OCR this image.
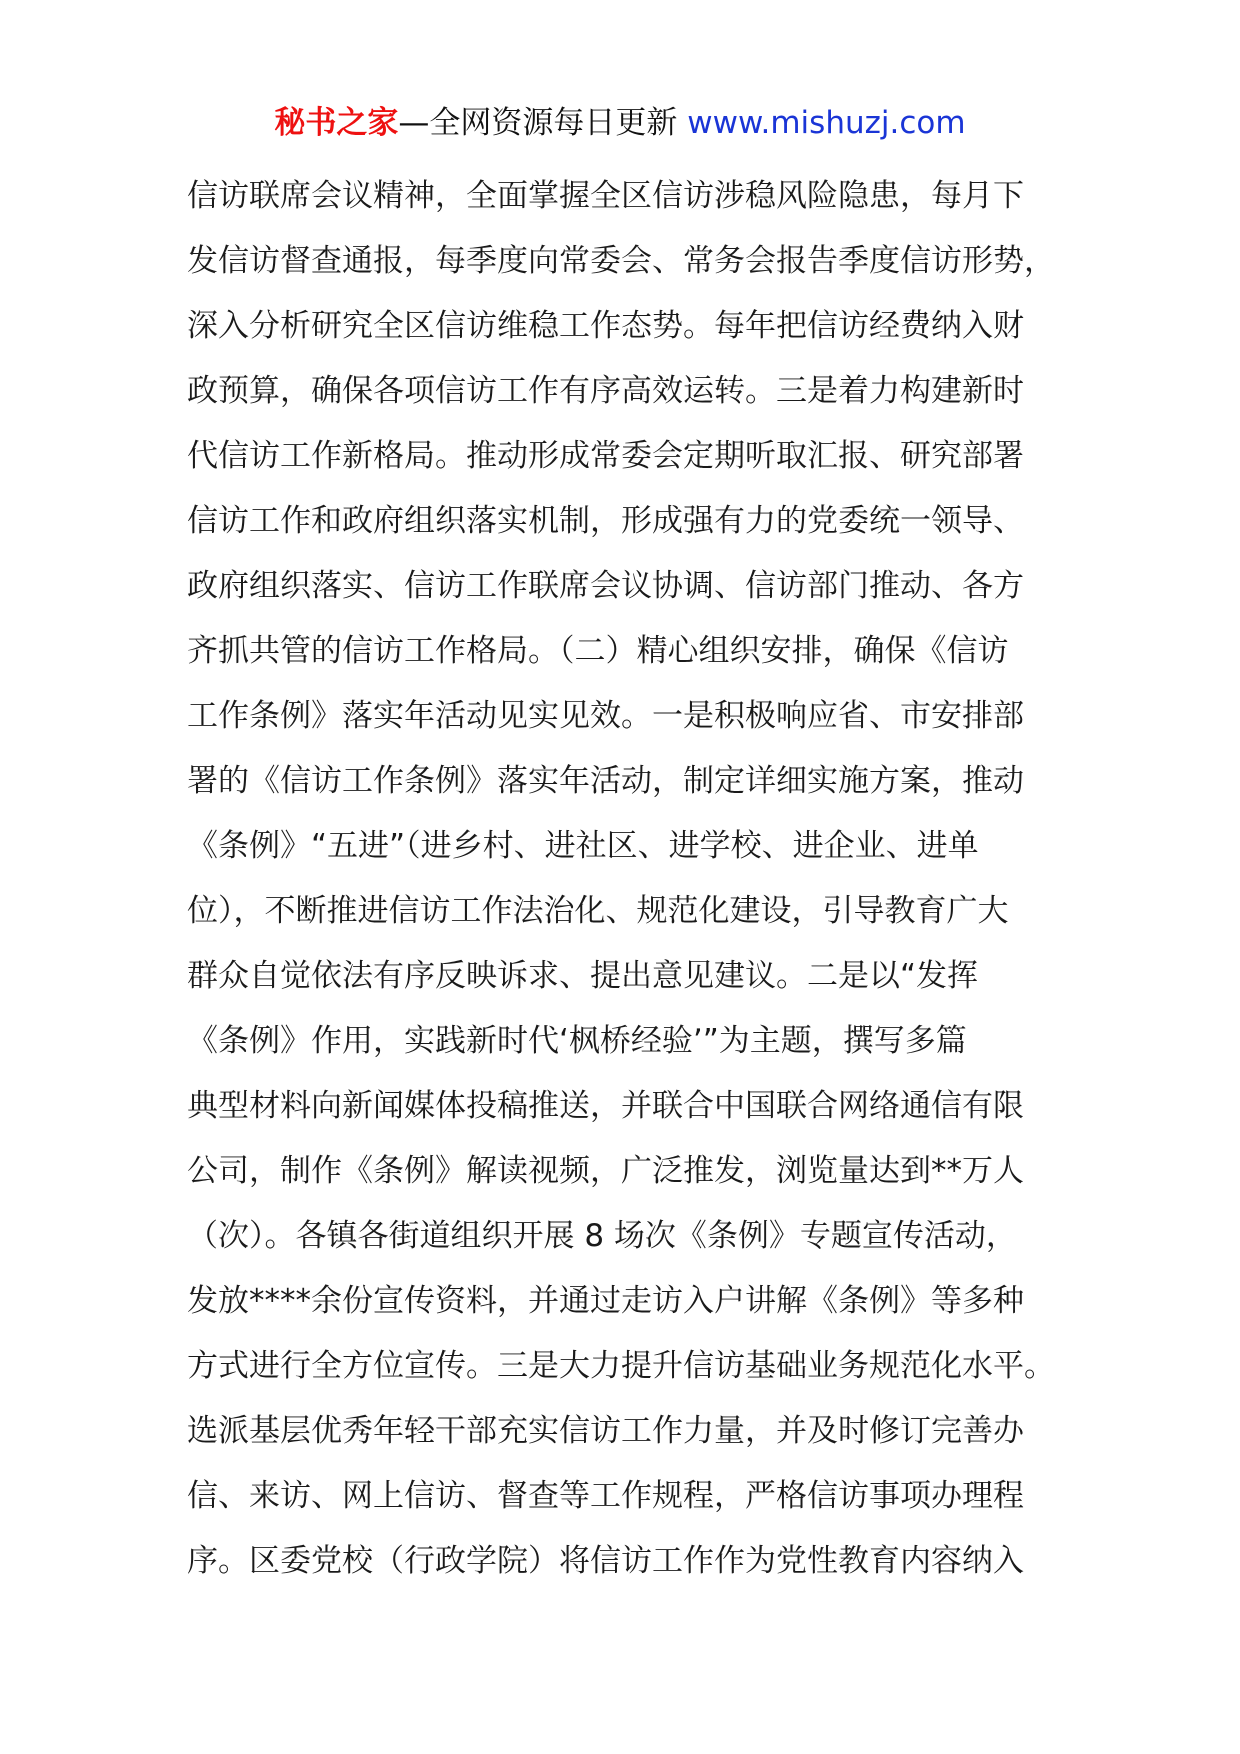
秘书之家—全网资源每日更新 www.mishuzj.com
信访联席会议精神，全面掌握全区信访涉稳风险隐患，每月下
发信访督查通报，每季度向常委会、常务会报告季度信访形势，
深入分析研究全区信访维稳工作态势。每年把信访经费纳入财
政预算，确保各项信访工作有序高效运转。三是着力构建新时
代信访工作新格局。推动形成常委会定期听取汇报、研究部署
信访工作和政府组织落实机制，形成强有力的党委统一领导、
政府组织落实、信访工作联席会议协调、信访部门推动、各方
齐抓共管的信访工作格局。（二）精心组织安排，确保《信访
工作条例》落实年活动见实见效。一是积极响应省、市安排部
署的《信访工作条例》落实年活动，制定详细实施方案，推动
《条例》“五进”（进乡村、进社区、进学校、进企业、进单
位），不断推进信访工作法治化、规范化建设，引导教育广大
群众自觉依法有序反映诉求、提出意见建议。二是以“发挥
《条例》作用，实践新时代‘枫桥经验’”为主题，撰写多篇
典型材料向新闻媒体投稿推送，并联合中国联合网络通信有限
公司，制作《条例》解读视频，广泛推发，浏览量达到**万人
（次）。各镇各街道组织开展 8 场次《条例》专题宣传活动，
发放****余份宣传资料，并通过走访入户讲解《条例》等多种
方式进行全方位宣传。三是大力提升信访基础业务规范化水平。
选派基层优秀年轻干部充实信访工作力量，并及时修订完善办
信、来访、网上信访、督查等工作规程，严格信访事项办理程
序。区委党校（行政学院）将信访工作作为党性教育内容纳入
